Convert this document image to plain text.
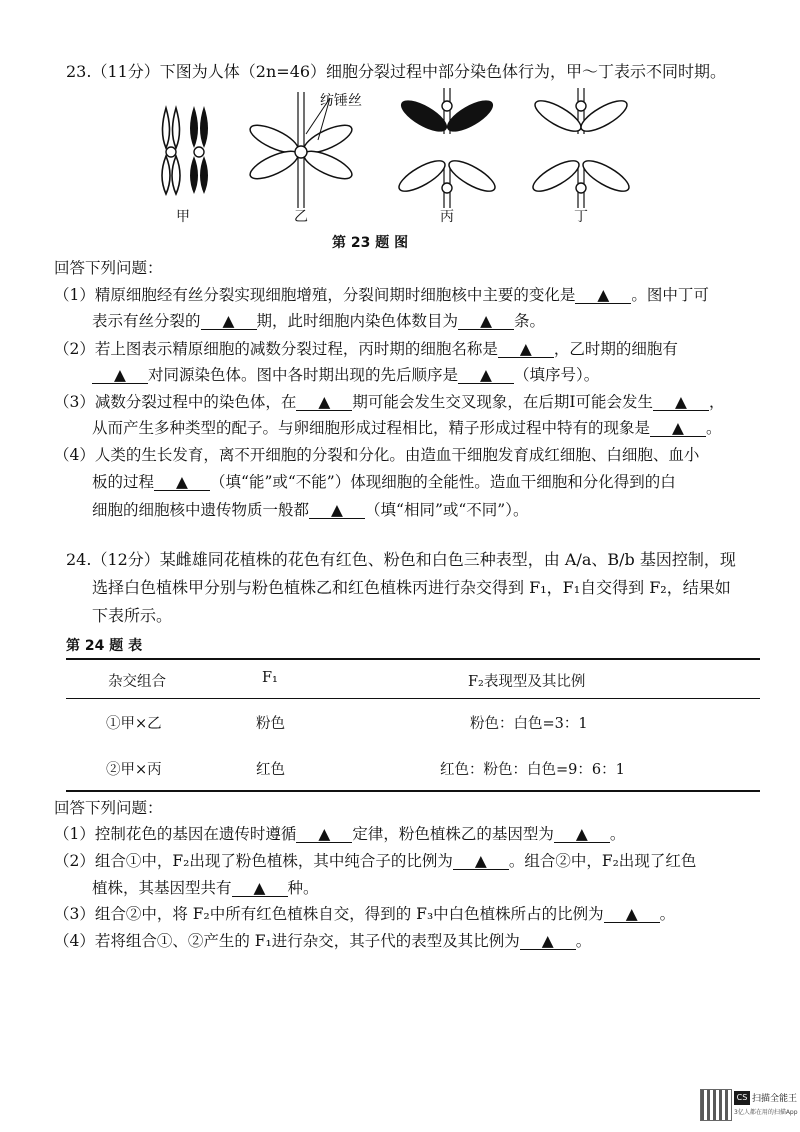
23.（11分）下图为人体（2n=46）细胞分裂过程中部分染色体行为，甲～丁表示不同时期。
纺锤丝
甲	乙	丙	丁
第 23 题 图
回答下列问题：
（1）精原细胞经有丝分裂实现细胞增殖，分裂间期时细胞核中主要的变化是 ▲ 。图中丁可
表示有丝分裂的 ▲ 期，此时细胞内染色体数目为 ▲ 条。
（2）若上图表示精原细胞的减数分裂过程，丙时期的细胞名称是 ▲ ，乙时期的细胞有
▲ 对同源染色体。图中各时期出现的先后顺序是 ▲ （填序号）。
（3）减数分裂过程中的染色体，在 ▲ 期可能会发生交叉现象，在后期Ⅰ可能会发生 ▲ ，
从而产生多种类型的配子。与卵细胞形成过程相比，精子形成过程中特有的现象是 ▲ 。
（4）人类的生长发育，离不开细胞的分裂和分化。由造血干细胞发育成红细胞、白细胞、血小
板的过程 ▲ （填“能”或“不能”）体现细胞的全能性。造血干细胞和分化得到的白
细胞的细胞核中遗传物质一般都 ▲ （填“相同”或“不同”）。
24.（12分）某雌雄同花植株的花色有红色、粉色和白色三种表型，由 A/a、B/b 基因控制，现
选择白色植株甲分别与粉色植株乙和红色植株丙进行杂交得到 F₁，F₁自交得到 F₂，结果如
下表所示。
第 24 题 表
杂交组合	F₁	F₂表现型及其比例
①甲×乙	粉色	粉色：白色=3：1
②甲×丙	红色	红色：粉色：白色=9：6：1
回答下列问题：
（1）控制花色的基因在遗传时遵循 ▲ 定律，粉色植株乙的基因型为 ▲ 。
（2）组合①中，F₂出现了粉色植株，其中纯合子的比例为 ▲ 。组合②中，F₂出现了红色
植株，其基因型共有 ▲ 种。
（3）组合②中，将 F₂中所有红色植株自交，得到的 F₃中白色植株所占的比例为 ▲ 。
（4）若将组合①、②产生的 F₁进行杂交，其子代的表型及其比例为 ▲ 。
CS 扫描全能王
3亿人都在用的扫描App
